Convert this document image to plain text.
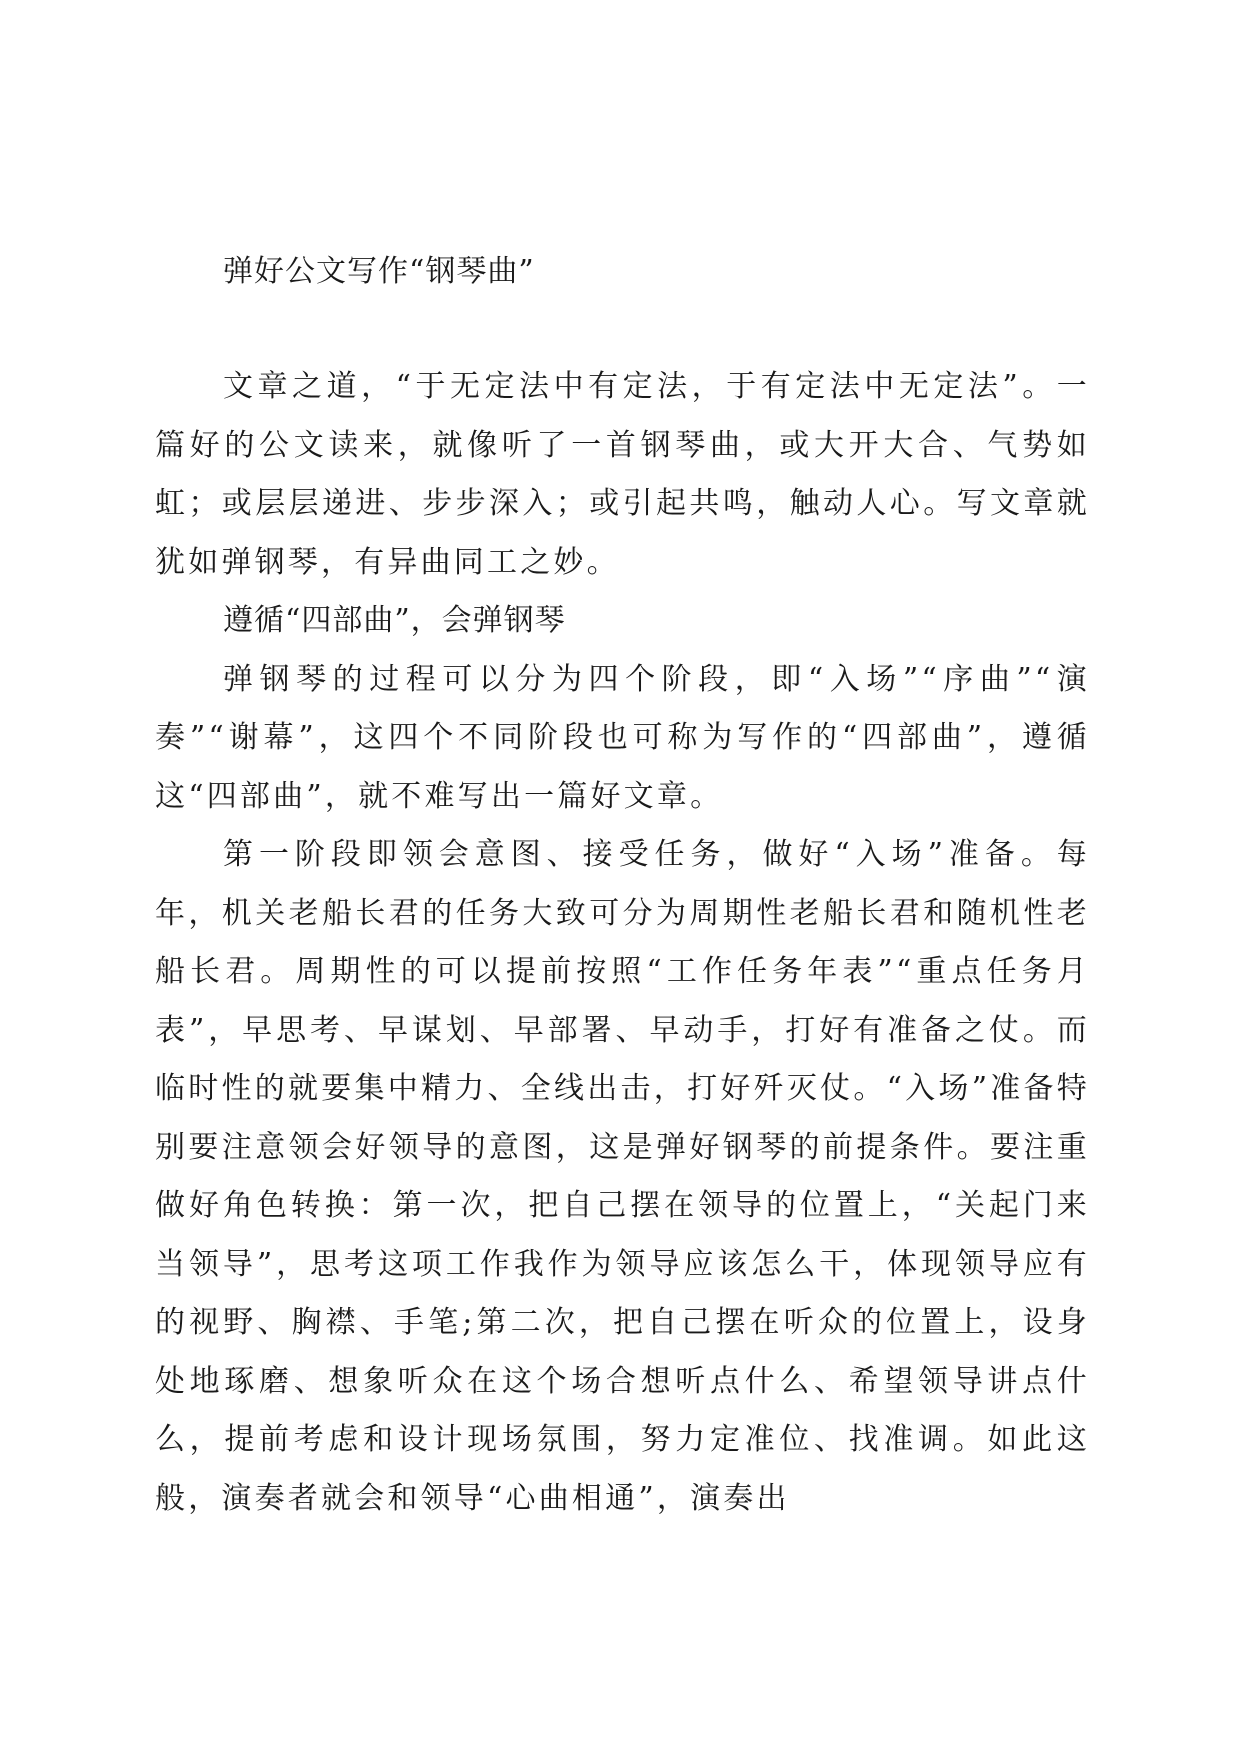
弹好公文写作“钢琴曲”

文章之道，“于无定法中有定法，于有定法中无定法”。一篇好的公文读来，就像听了一首钢琴曲，或大开大合、气势如虹；或层层递进、步步深入；或引起共鸣，触动人心。写文章就犹如弹钢琴，有异曲同工之妙。

遵循“四部曲”，会弹钢琴

弹钢琴的过程可以分为四个阶段，即“入场”“序曲”“演奏”“谢幕”，这四个不同阶段也可称为写作的“四部曲”，遵循这“四部曲”，就不难写出一篇好文章。

第一阶段即领会意图、接受任务，做好“入场”准备。每年，机关老船长君的任务大致可分为周期性老船长君和随机性老船长君。周期性的可以提前按照“工作任务年表”“重点任务月表”，早思考、早谋划、早部署、早动手，打好有准备之仗。而临时性的就要集中精力、全线出击，打好歼灭仗。“入场”准备特别要注意领会好领导的意图，这是弹好钢琴的前提条件。要注重做好角色转换：第一次，把自己摆在领导的位置上，“关起门来当领导”，思考这项工作我作为领导应该怎么干，体现领导应有的视野、胸襟、手笔;第二次，把自己摆在听众的位置上，设身处地琢磨、想象听众在这个场合想听点什么、希望领导讲点什么，提前考虑和设计现场氛围，努力定准位、找准调。如此这般，演奏者就会和领导“心曲相通”，演奏出
